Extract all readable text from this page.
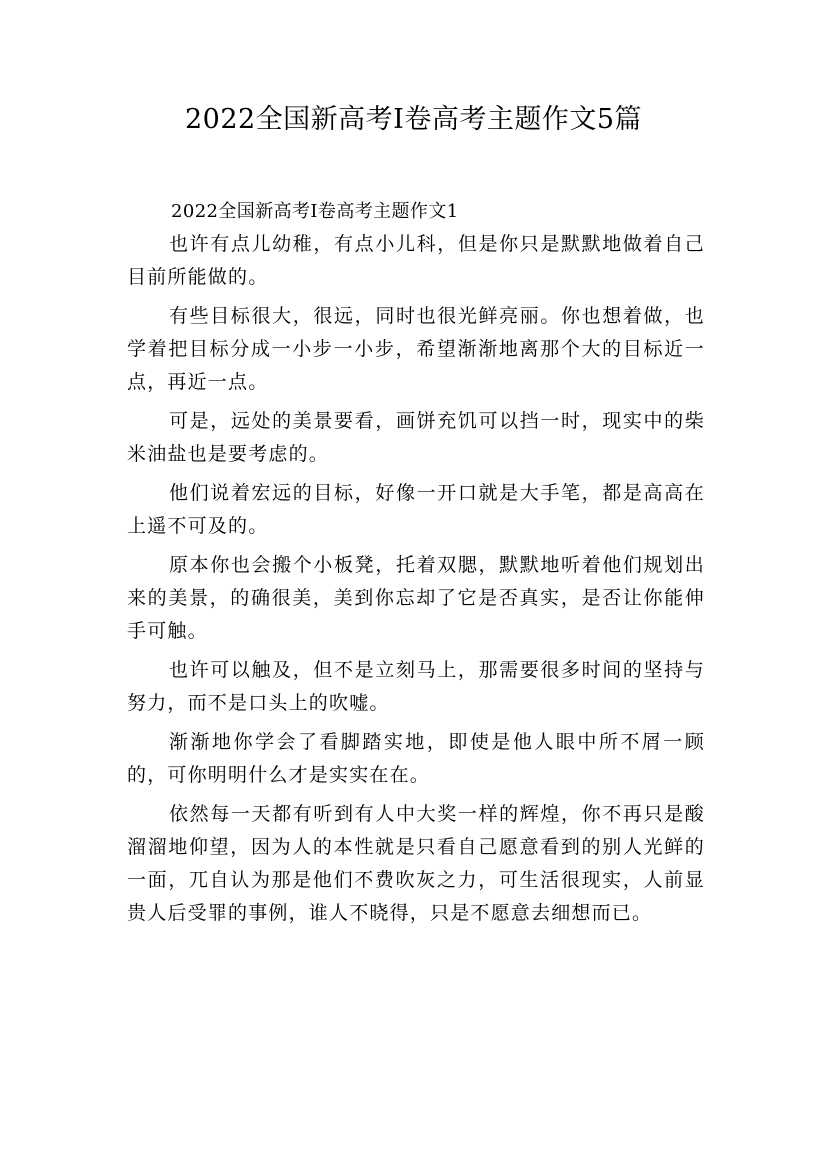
2022全国新高考Ⅰ卷高考主题作文5篇

2022全国新高考Ⅰ卷高考主题作文1

也许有点儿幼稚，有点小儿科，但是你只是默默地做着自己目前所能做的。

有些目标很大，很远，同时也很光鲜亮丽。你也想着做，也学着把目标分成一小步一小步，希望渐渐地离那个大的目标近一点，再近一点。

可是，远处的美景要看，画饼充饥可以挡一时，现实中的柴米油盐也是要考虑的。

他们说着宏远的目标，好像一开口就是大手笔，都是高高在上遥不可及的。

原本你也会搬个小板凳，托着双腮，默默地听着他们规划出来的美景，的确很美，美到你忘却了它是否真实，是否让你能伸手可触。

也许可以触及，但不是立刻马上，那需要很多时间的坚持与努力，而不是口头上的吹嘘。

渐渐地你学会了看脚踏实地，即使是他人眼中所不屑一顾的，可你明明什么才是实实在在。

依然每一天都有听到有人中大奖一样的辉煌，你不再只是酸溜溜地仰望，因为人的本性就是只看自己愿意看到的别人光鲜的一面，兀自认为那是他们不费吹灰之力，可生活很现实，人前显贵人后受罪的事例，谁人不晓得，只是不愿意去细想而已。
